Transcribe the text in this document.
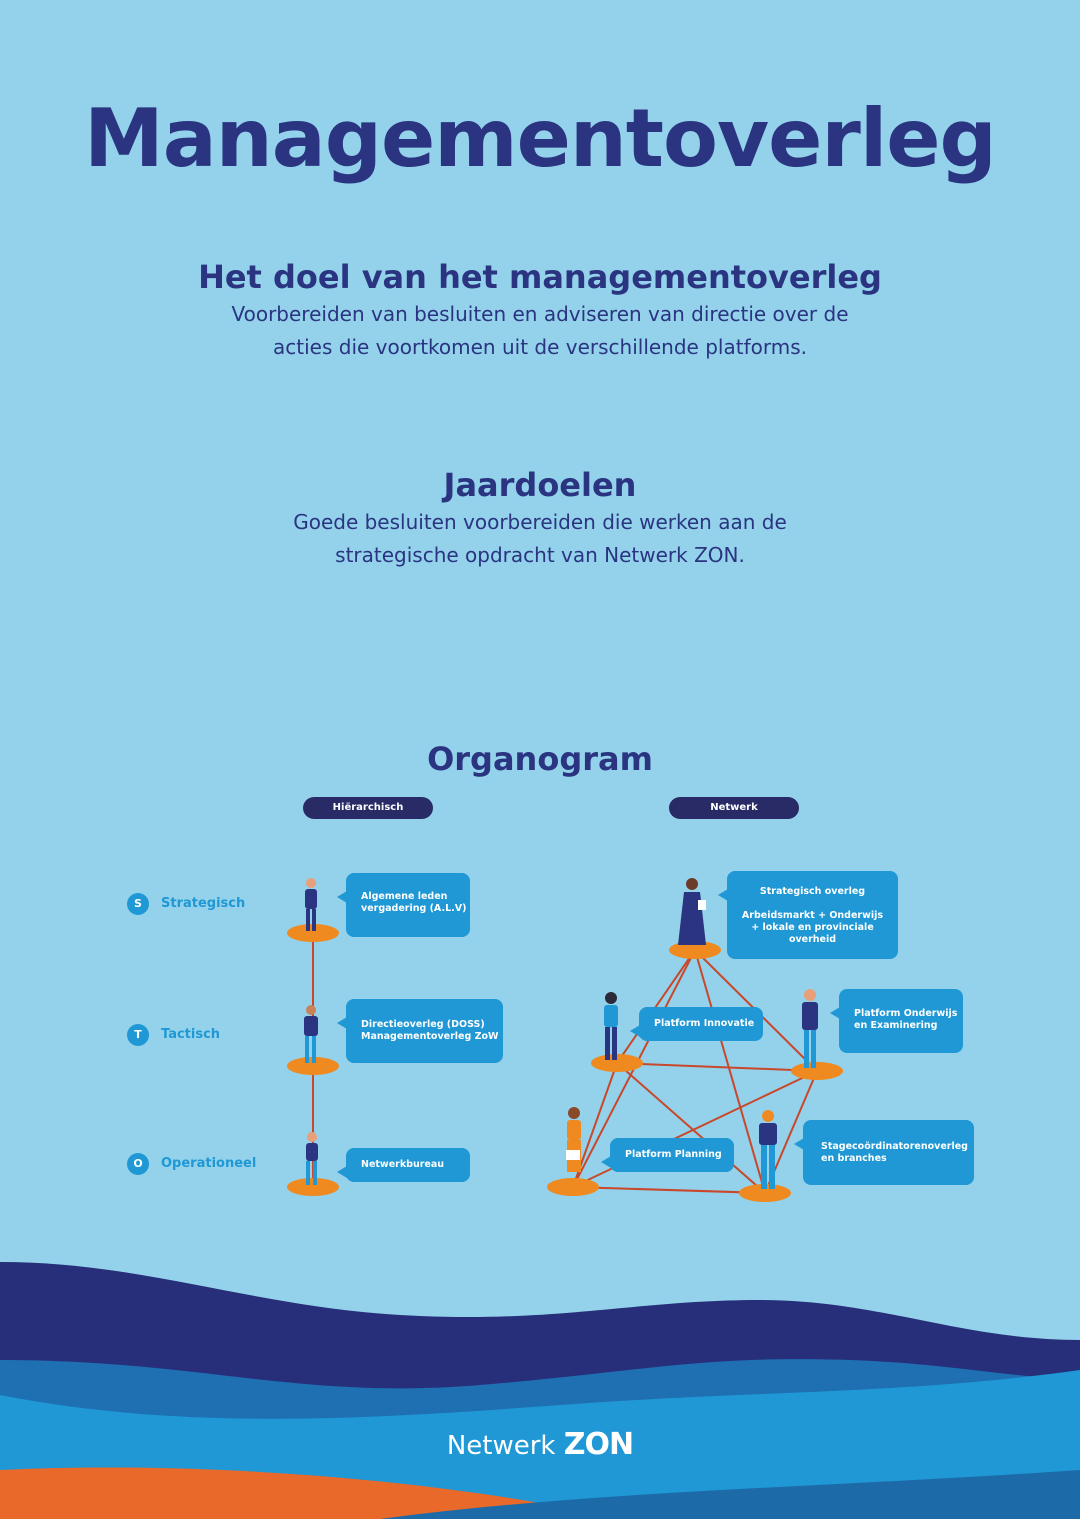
Managementoverleg
Het doel van het managementoverleg
Voorbereiden van besluiten en adviseren van directie over de
acties die voortkomen uit de verschillende platforms.
Jaardoelen
Goede besluiten voorbereiden die werken aan de
strategische opdracht van Netwerk ZON.
Organogram
Hiërarchisch	Netwerk
S	Strategisch
T	Tactisch
O	Operationeel
Algemene leden
vergadering (A.L.V)
Directieoverleg (DOSS)
Managementoverleg ZoW
Netwerkbureau
Strategisch overleg
Arbeidsmarkt + Onderwijs
+ lokale en provinciale
overheid
Platform Innovatie
Platform Onderwijs
en Examinering
Platform Planning
Stagecoördinatorenoverleg
en branches
Netwerk ZON
